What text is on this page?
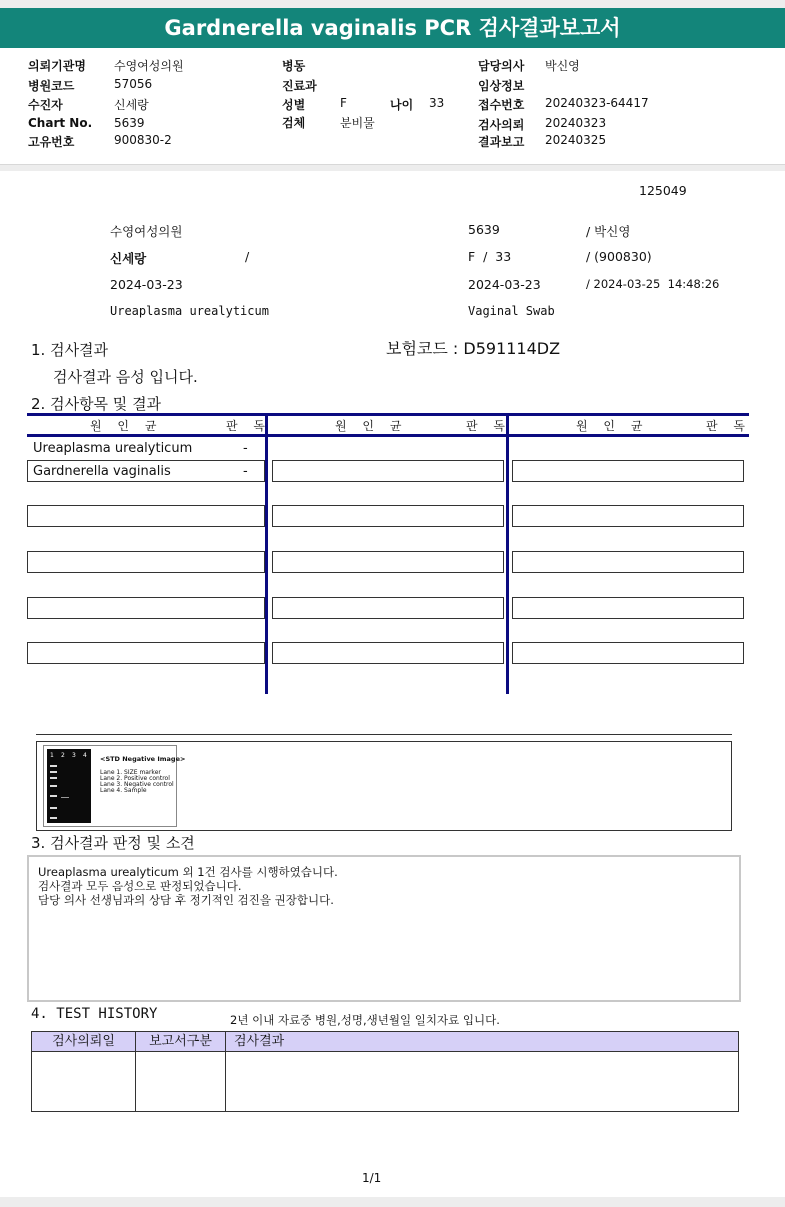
Gardnerella vaginalis PCR 검사결과보고서
의뢰기관명 수영여성의원
병원코드	57056
수진자	신세랑
Chart No. 5639
고유번호	900830-2
병동
진료과
성별	F	나이 33
검체	분비물
담당의사 박신영
임상정보
접수번호 20240323-64417
검사의뢰 20240323
결과보고 20240325
125049
수영여성의원	5639	/ 박신영
신세랑	/	F  /  33	/ (900830)
2024-03-23	2024-03-23	/ 2024-03-25  14:48:26
Ureaplasma urealyticum	Vaginal Swab
1. 검사결과	보험코드 : D591114DZ
검사결과 음성 입니다.
2. 검사항목 및 결과
원 인 균	판 독	원 인 균	판 독	원 인 균	판 독
Ureaplasma urealyticum	-
Gardnerella vaginalis	-
1 2 3 4 <STD Negative Image>
Lane 1. SIZE marker
Lane 2. Positive control
Lane 3. Negative control
Lane 4. Sample
3. 검사결과 판정 및 소견
Ureaplasma urealyticum 외 1건 검사를 시행하였습니다.
검사결과 모두 음성으로 판정되었습니다.
담당 의사 선생님과의 상담 후 정기적인 검진을 권장합니다.
4. TEST HISTORY	2년 이내 자료중 병원,성명,생년월일 일치자료 입니다.
검사의뢰일	보고서구분	검사결과
1/1
